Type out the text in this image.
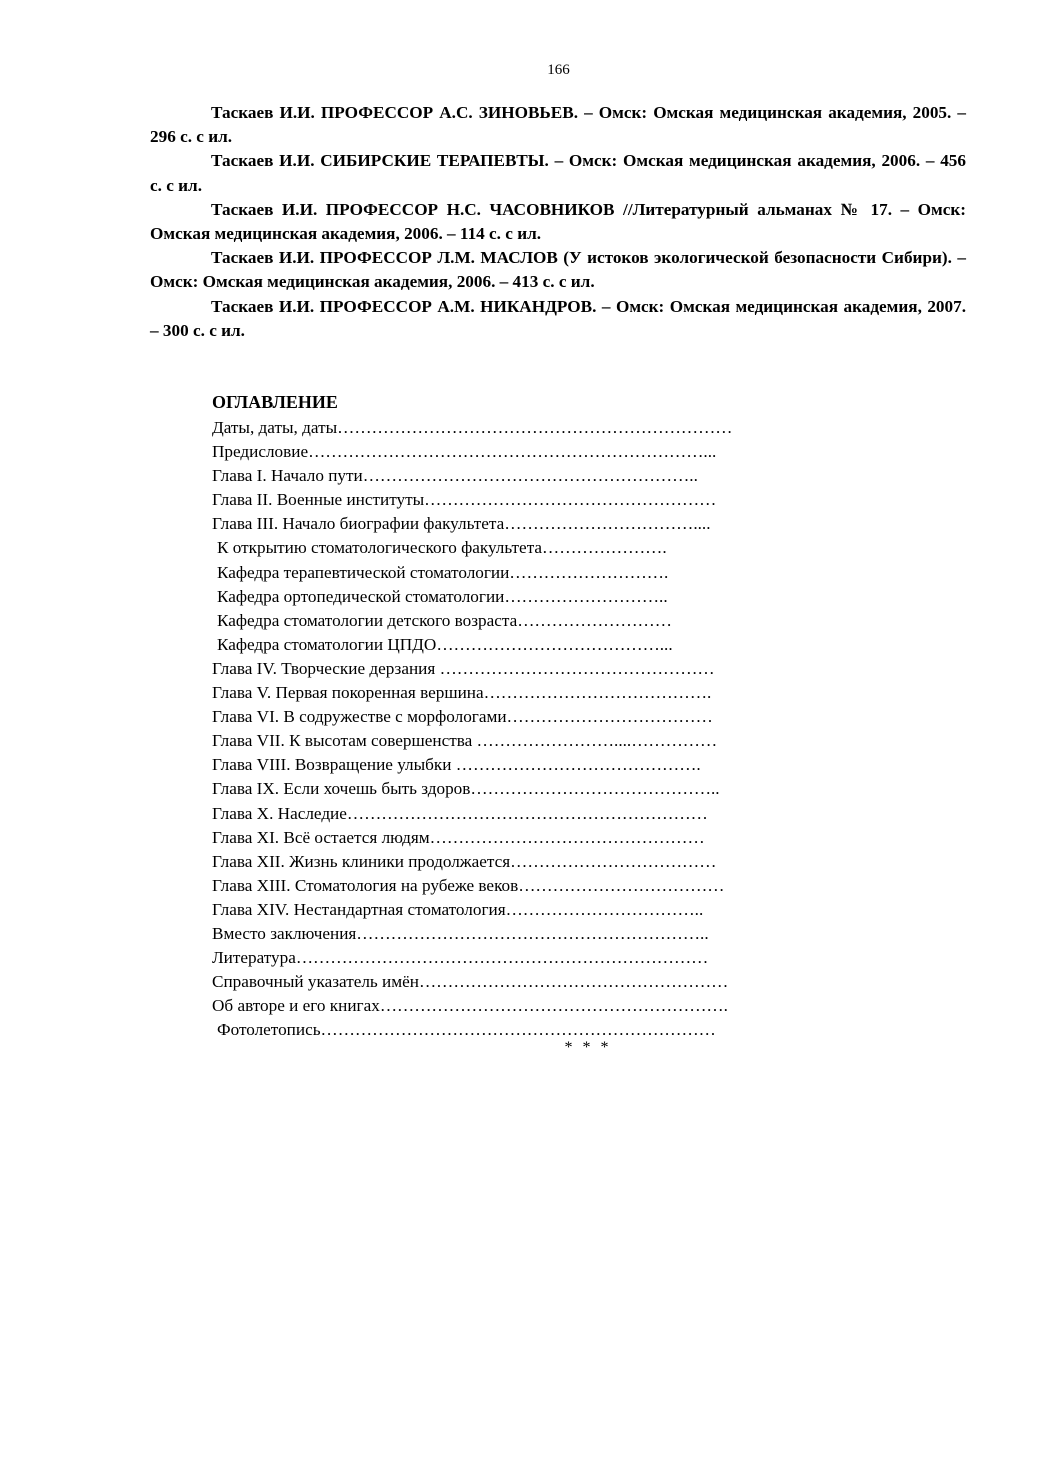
166

Таскаев И.И. ПРОФЕССОР А.С. ЗИНОВЬЕВ. – Омск: Омская медицинская академия, 2005. – 296 с. с ил.

Таскаев И.И. СИБИРСКИЕ ТЕРАПЕВТЫ. – Омск: Омская медицинская академия, 2006. – 456 с. с ил.

Таскаев И.И. ПРОФЕССОР Н.С. ЧАСОВНИКОВ //Литературный альманах № 17. – Омск: Омская медицинская академия, 2006. – 114 с. с ил.

Таскаев И.И. ПРОФЕССОР Л.М. МАСЛОВ (У истоков экологической безопасности Сибири). – Омск: Омская медицинская академия, 2006. – 413 с. с ил.

Таскаев И.И. ПРОФЕССОР А.М. НИКАНДРОВ. – Омск: Омская медицинская академия, 2007. – 300 с. с ил.

ОГЛАВЛЕНИЕ
Даты, даты, даты……………………………………………………………
Предисловие……………………………………………………………...
Глава I. Начало пути…………………………………………………..
Глава II. Военные институты……………………………………………
Глава III. Начало биографии факультета……………………………....
К открытию стоматологического факультета………………….
Кафедра терапевтической стоматологии……………………….
Кафедра ортопедической стоматологии………………………..
Кафедра стоматологии детского возраста………………………
Кафедра стоматологии ЦПДО…………………………………...
Глава IV. Творческие дерзания …………………………………………
Глава V. Первая покоренная вершина………………………………….
Глава VI. В содружестве с морфологами………………………………
Глава VII. К высотам совершенства ……………………....……………
Глава VIII. Возвращение улыбки …………………………………….
Глава IX. Если хочешь быть здоров……………………………………..
Глава X. Наследие………………………………………………………
Глава XI. Всё остается людям…………………………………………
Глава XII. Жизнь клиники продолжается………………………………
Глава XIII. Стоматология на рубеже веков………………………………
Глава XIV. Нестандартная стоматология……………………………..
Вместо заключения……………………………………………………..
Литература………………………………………………………………
Справочный указатель имён………………………………………………
Об авторе и его книгах…………………………………………………….
Фотолетопись……………………………………………………………
* * *
